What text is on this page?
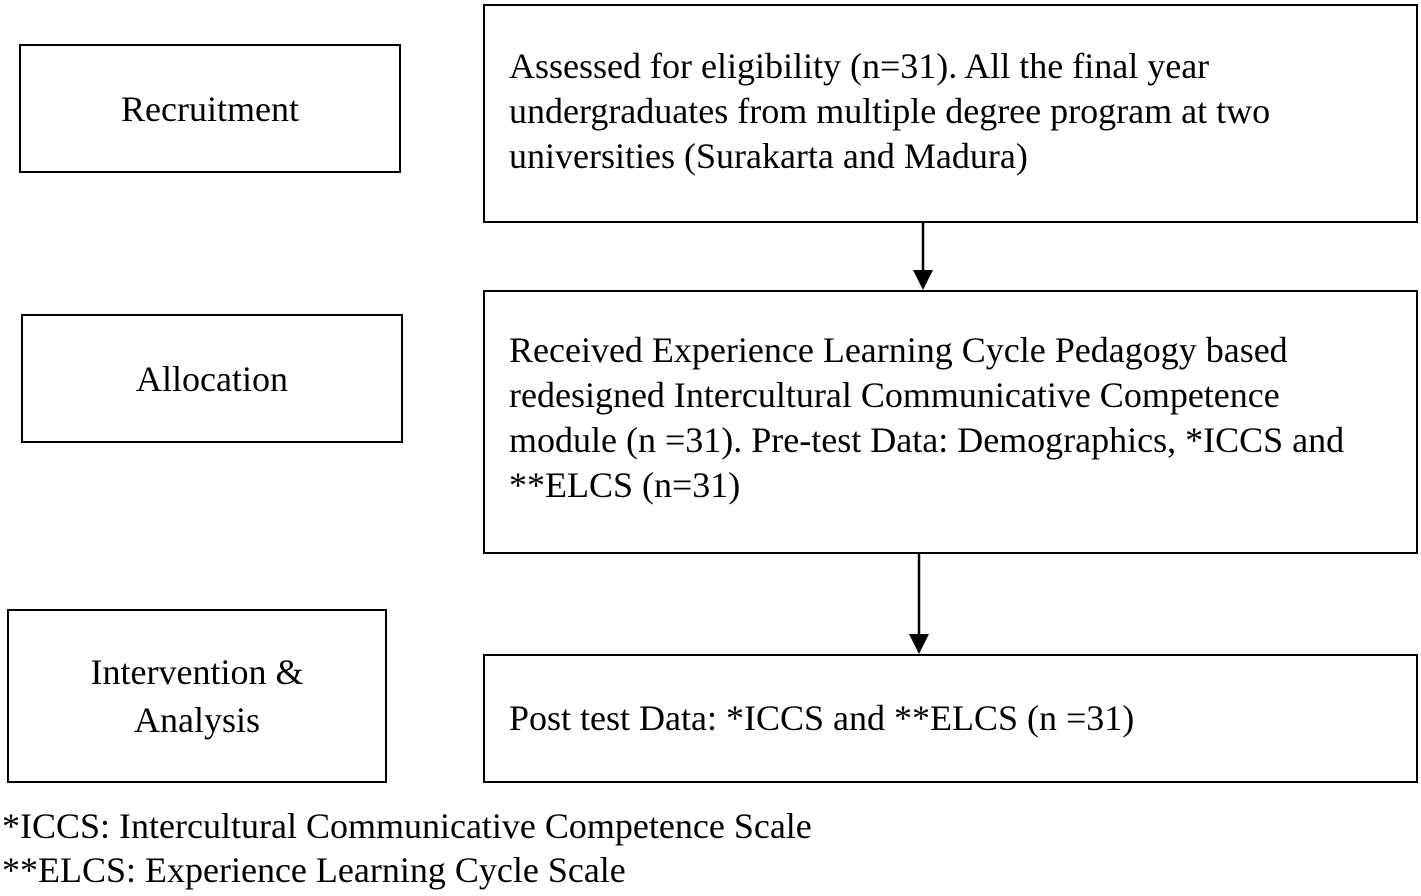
Recruitment
Allocation
Intervention &
Analysis
Assessed for eligibility (n=31). All the final year undergraduates from multiple degree program at two universities (Surakarta and Madura)
Received Experience Learning Cycle Pedagogy based redesigned Intercultural Communicative Competence module (n =31). Pre-test Data: Demographics, *ICCS and **ELCS (n=31)
Post test Data: *ICCS and **ELCS (n =31)
*ICCS: Intercultural Communicative Competence Scale
**ELCS: Experience Learning Cycle Scale
